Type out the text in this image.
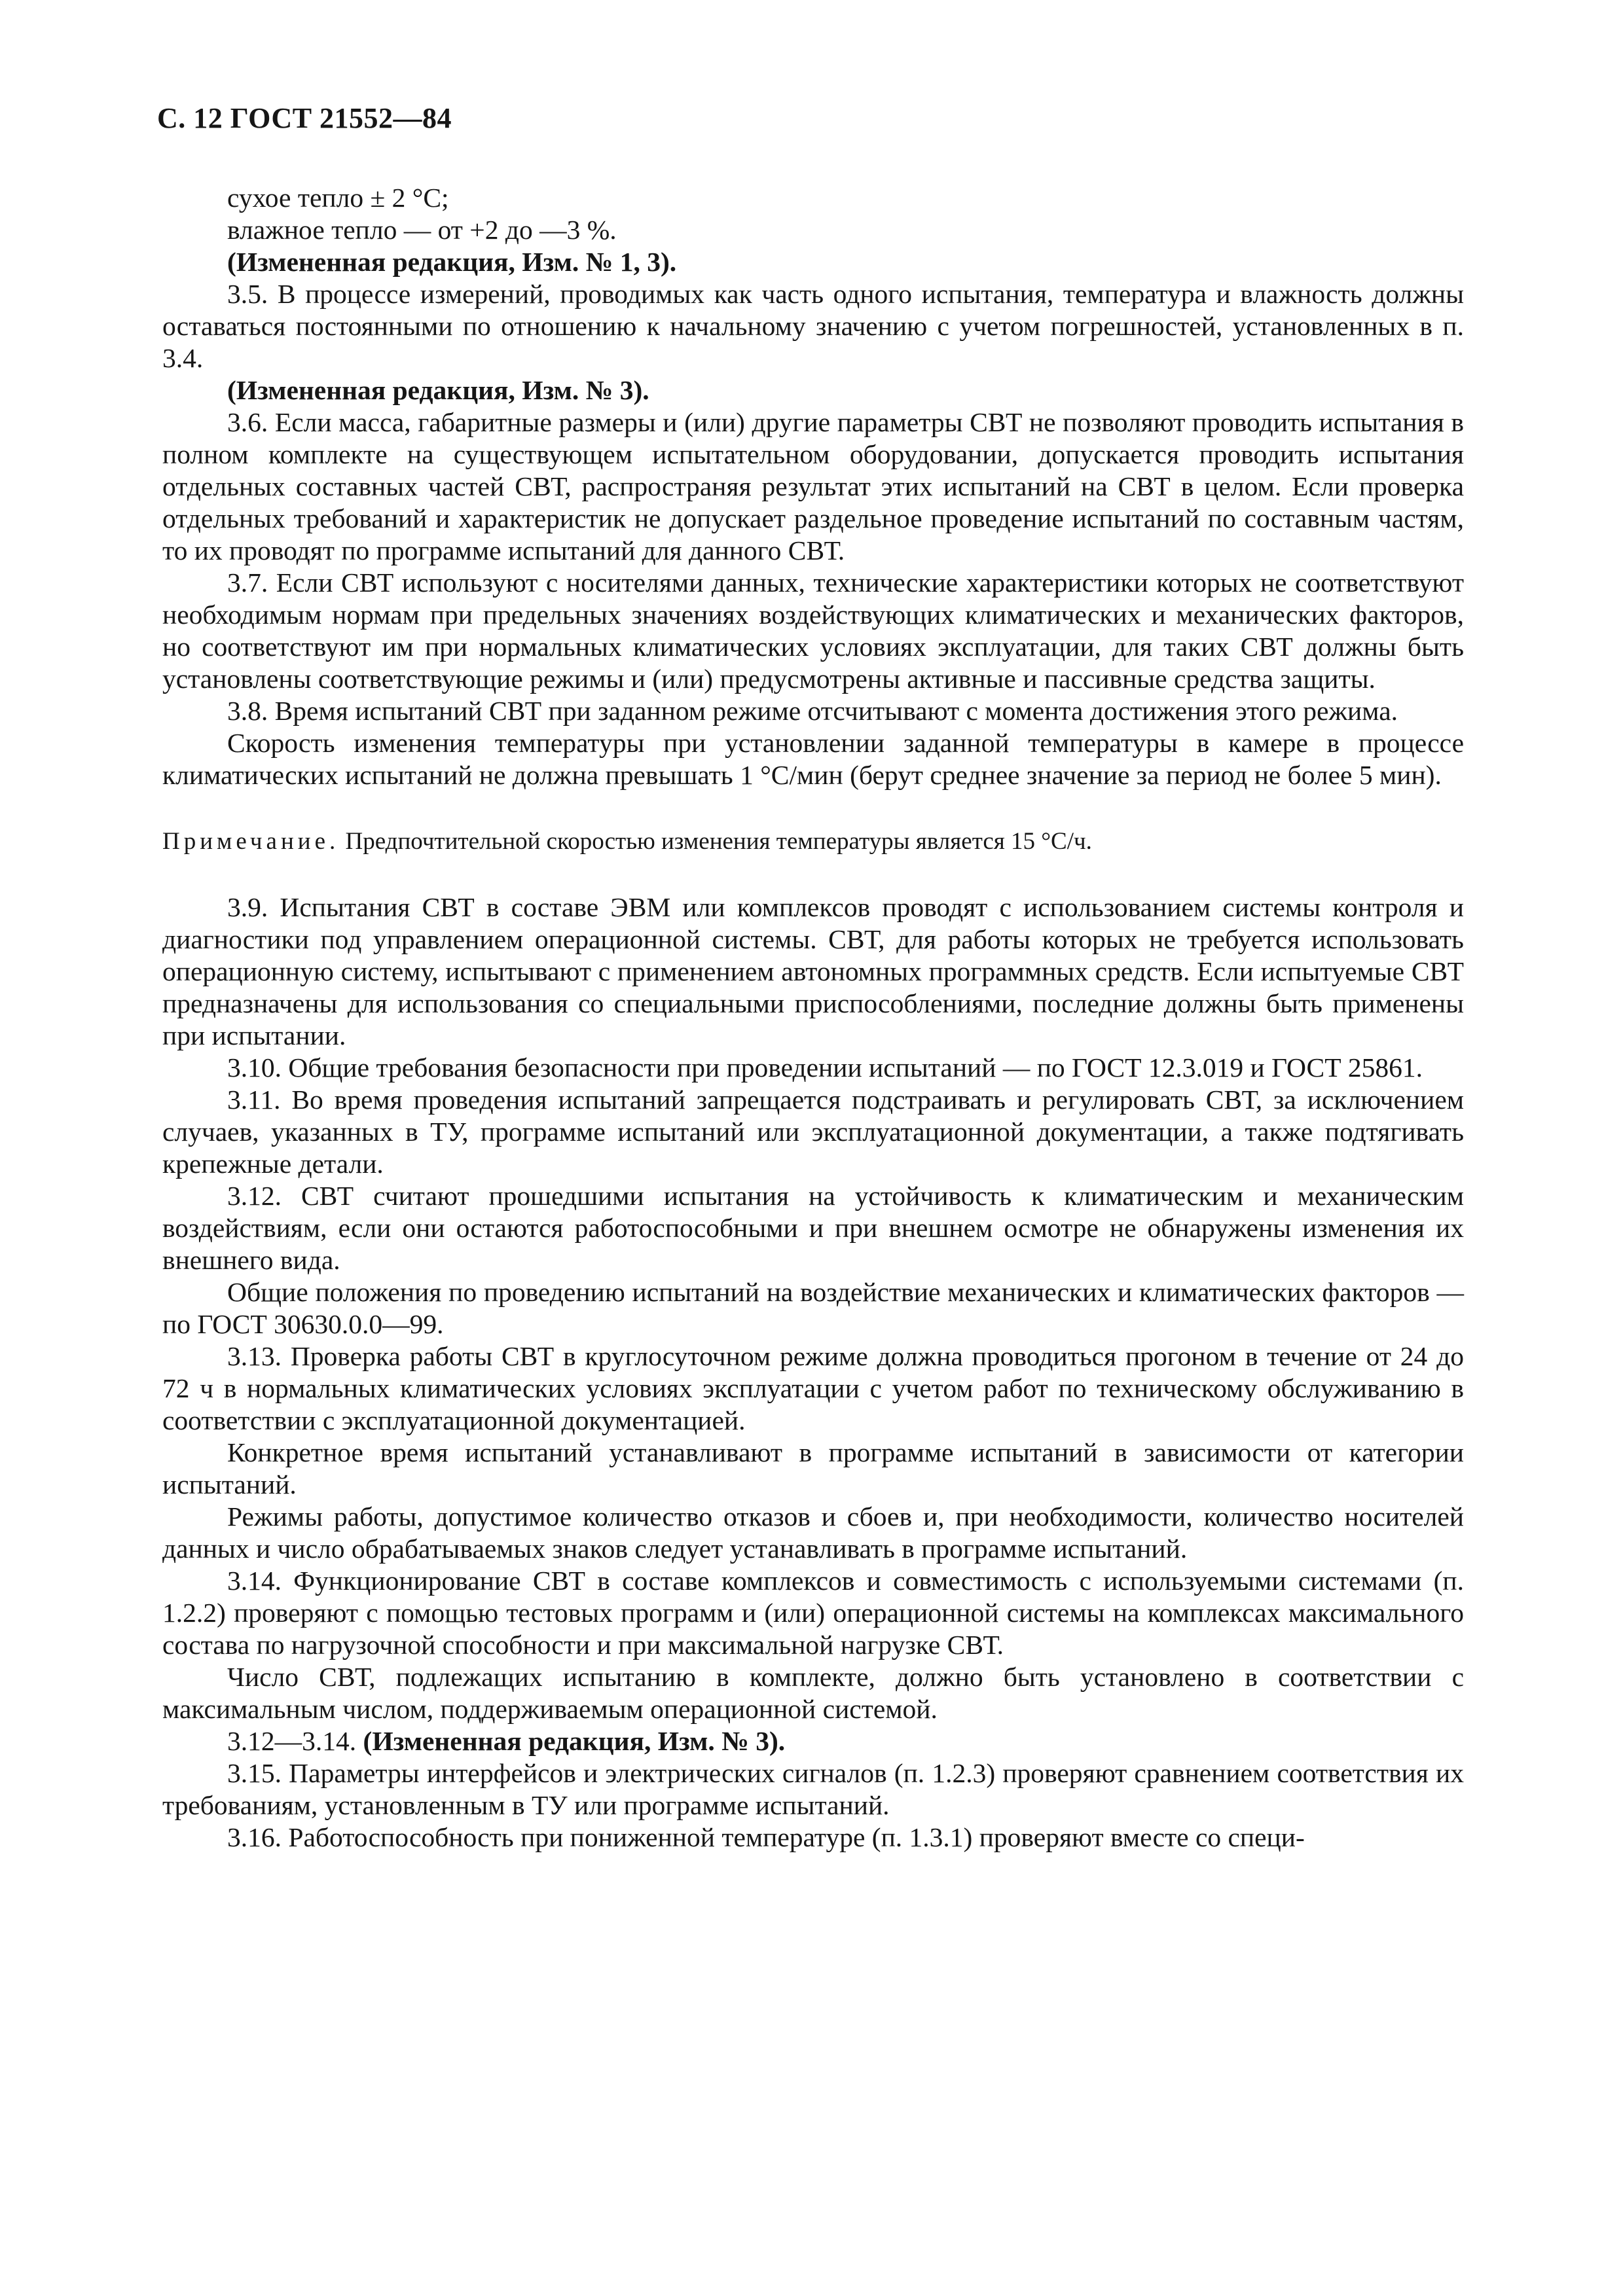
С. 12 ГОСТ 21552—84

сухое тепло ± 2 °С;

влажное тепло — от +2 до —3 %.

(Измененная редакция, Изм. № 1, 3).

3.5. В процессе измерений, проводимых как часть одного испытания, температура и влажность должны оставаться постоянными по отношению к начальному значению с учетом погрешностей, установленных в п. 3.4.

(Измененная редакция, Изм. № 3).

3.6. Если масса, габаритные размеры и (или) другие параметры СВТ не позволяют проводить испытания в полном комплекте на существующем испытательном оборудовании, допускается проводить испытания отдельных составных частей СВТ, распространяя результат этих испытаний на СВТ в целом. Если проверка отдельных требований и характеристик не допускает раздельное проведение испытаний по составным частям, то их проводят по программе испытаний для данного СВТ.

3.7. Если СВТ используют с носителями данных, технические характеристики которых не соответствуют необходимым нормам при предельных значениях воздействующих климатических и механических факторов, но соответствуют им при нормальных климатических условиях эксплуатации, для таких СВТ должны быть установлены соответствующие режимы и (или) предусмотрены активные и пассивные средства защиты.

3.8. Время испытаний СВТ при заданном режиме отсчитывают с момента достижения этого режима.

Скорость изменения температуры при установлении заданной температуры в камере в процессе климатических испытаний не должна превышать 1 °С/мин (берут среднее значение за период не более 5 мин).

Примечание. Предпочтительной скоростью изменения температуры является 15 °С/ч.

3.9. Испытания СВТ в составе ЭВМ или комплексов проводят с использованием системы контроля и диагностики под управлением операционной системы. СВТ, для работы которых не требуется использовать операционную систему, испытывают с применением автономных программных средств. Если испытуемые СВТ предназначены для использования со специальными приспособлениями, последние должны быть применены при испытании.

3.10. Общие требования безопасности при проведении испытаний — по ГОСТ 12.3.019 и ГОСТ 25861.

3.11. Во время проведения испытаний запрещается подстраивать и регулировать СВТ, за исключением случаев, указанных в ТУ, программе испытаний или эксплуатационной документации, а также подтягивать крепежные детали.

3.12. СВТ считают прошедшими испытания на устойчивость к климатическим и механическим воздействиям, если они остаются работоспособными и при внешнем осмотре не обнаружены изменения их внешнего вида.

Общие положения по проведению испытаний на воздействие механических и климатических факторов — по ГОСТ 30630.0.0—99.

3.13. Проверка работы СВТ в круглосуточном режиме должна проводиться прогоном в течение от 24 до 72 ч в нормальных климатических условиях эксплуатации с учетом работ по техническому обслуживанию в соответствии с эксплуатационной документацией.

Конкретное время испытаний устанавливают в программе испытаний в зависимости от категории испытаний.

Режимы работы, допустимое количество отказов и сбоев и, при необходимости, количество носителей данных и число обрабатываемых знаков следует устанавливать в программе испытаний.

3.14. Функционирование СВТ в составе комплексов и совместимость с используемыми системами (п. 1.2.2) проверяют с помощью тестовых программ и (или) операционной системы на комплексах максимального состава по нагрузочной способности и при максимальной нагрузке СВТ.

Число СВТ, подлежащих испытанию в комплекте, должно быть установлено в соответствии с максимальным числом, поддерживаемым операционной системой.

3.12—3.14. (Измененная редакция, Изм. № 3).

3.15. Параметры интерфейсов и электрических сигналов (п. 1.2.3) проверяют сравнением соответствия их требованиям, установленным в ТУ или программе испытаний.

3.16. Работоспособность при пониженной температуре (п. 1.3.1) проверяют вместе со специ-
